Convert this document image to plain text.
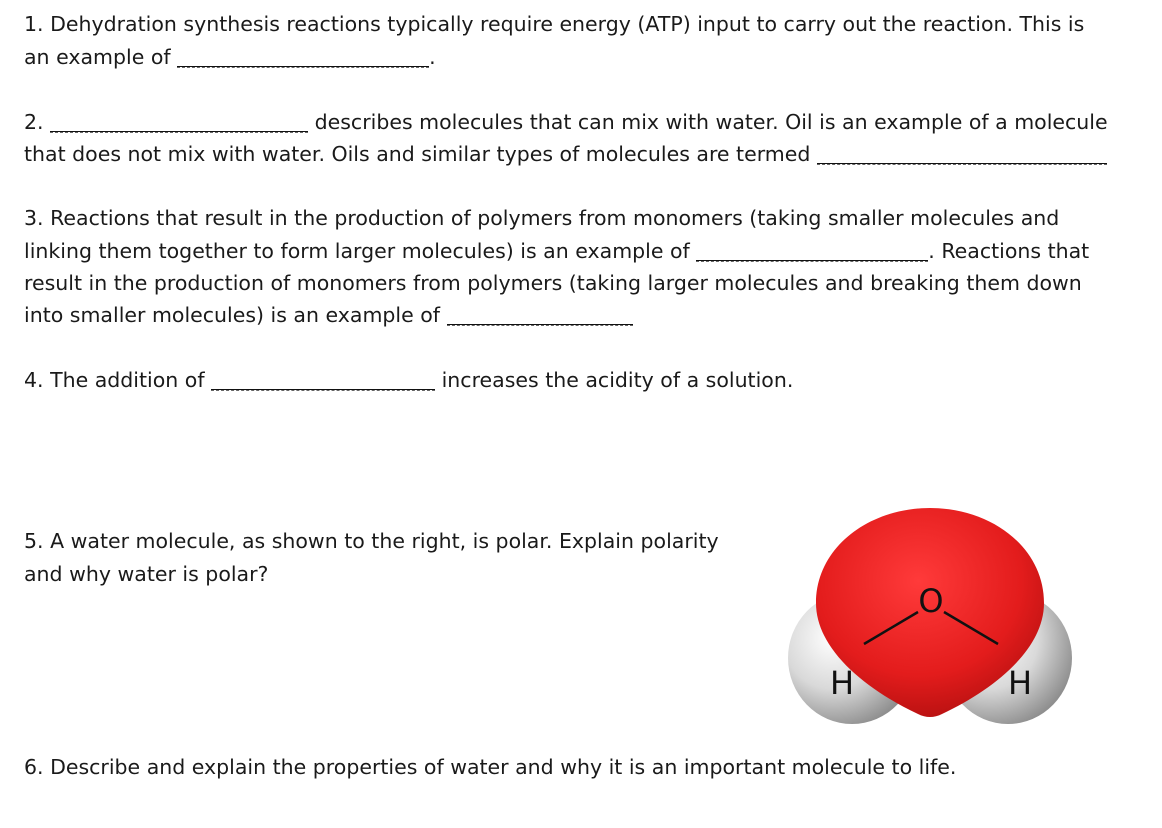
1. Dehydration synthesis reactions typically require energy (ATP) input to carry out the reaction. This is
an example of	.
2.	describes molecules that can mix with water. Oil is an example of a molecule
that does not mix with water. Oils and similar types of molecules are termed
3. Reactions that result in the production of polymers from monomers (taking smaller molecules and
linking them together to form larger molecules) is an example of	. Reactions that
result in the production of monomers from polymers (taking larger molecules and breaking them down
into smaller molecules) is an example of
4. The addition of	increases the acidity of a solution.
5. A water molecule, as shown to the right, is polar. Explain polarity
and why water is polar?
O
H	H
6. Describe and explain the properties of water and why it is an important molecule to life.
